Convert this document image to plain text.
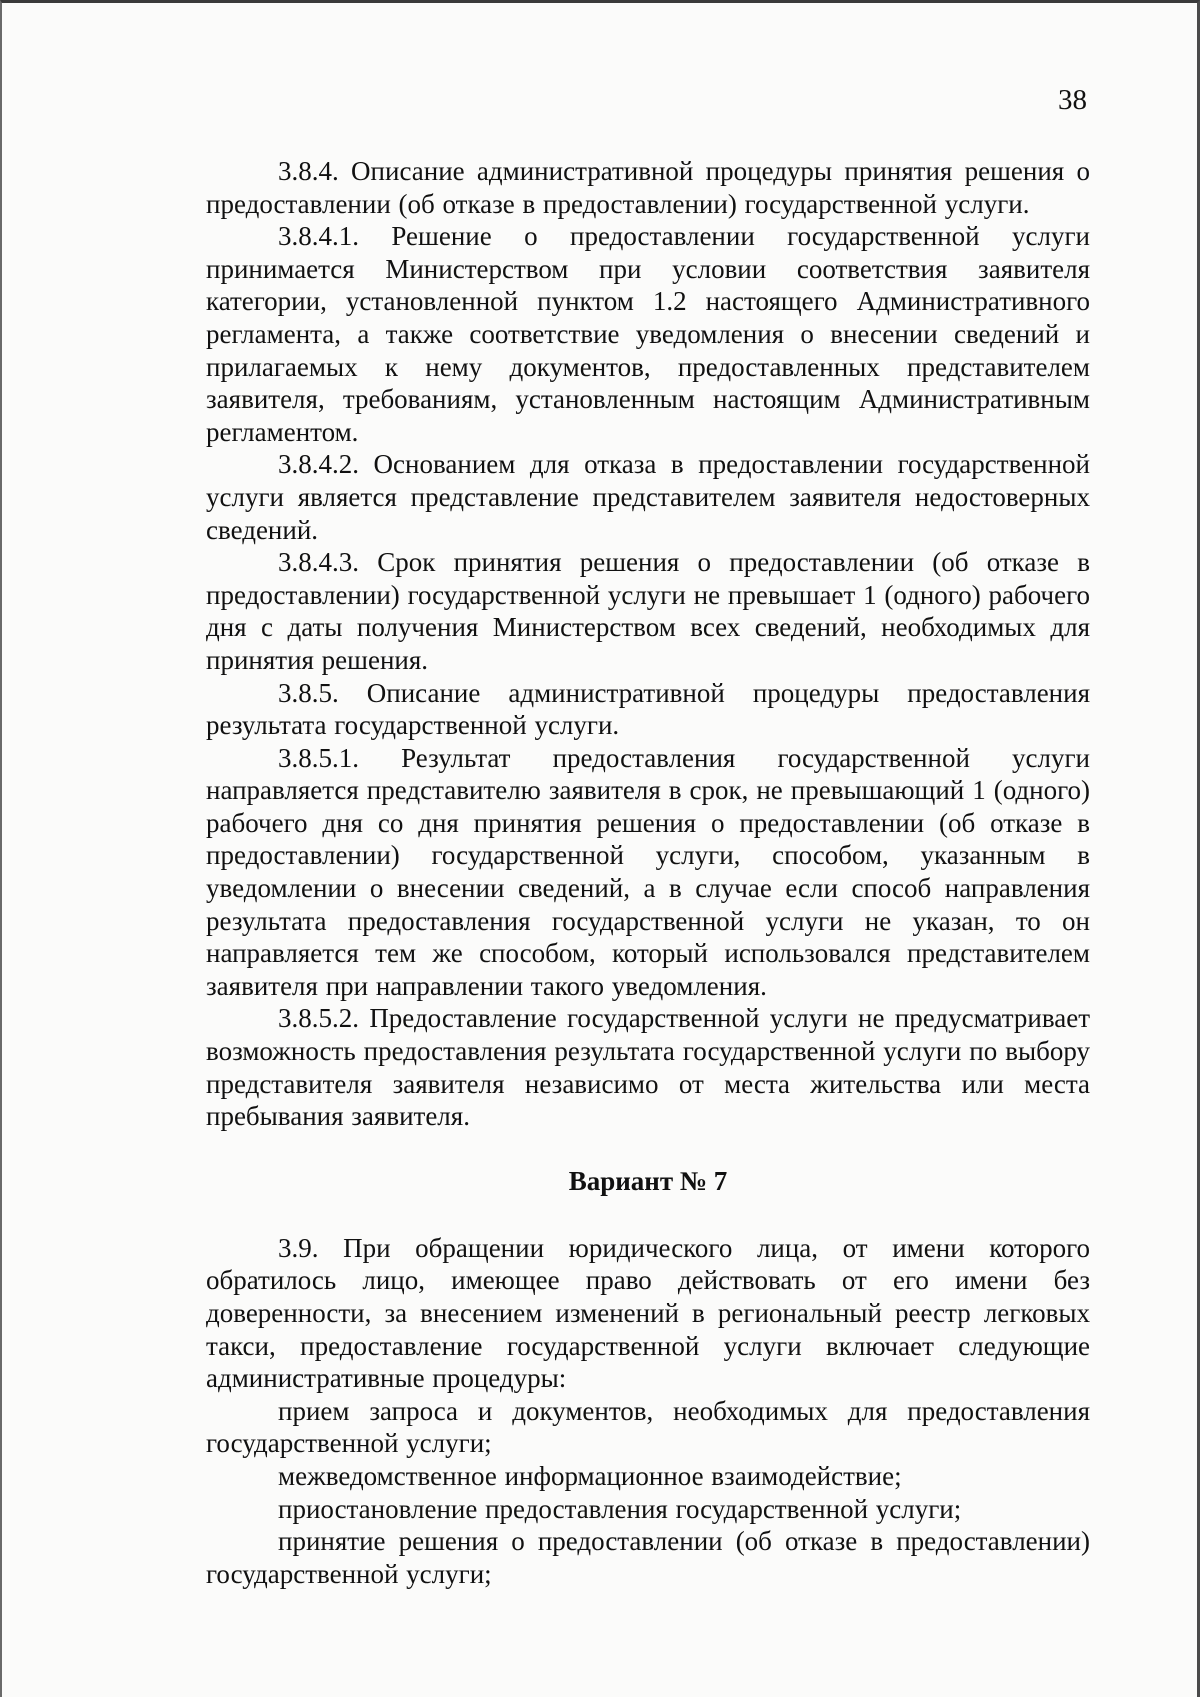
38

3.8.4. Описание административной процедуры принятия решения о предоставлении (об отказе в предоставлении) государственной услуги.

3.8.4.1. Решение о предоставлении государственной услуги принимается Министерством при условии соответствия заявителя категории, установленной пунктом 1.2 настоящего Административного регламента, а также соответствие уведомления о внесении сведений и прилагаемых к нему документов, предоставленных представителем заявителя, требованиям, установленным настоящим Административным регламентом.

3.8.4.2. Основанием для отказа в предоставлении государственной услуги является представление представителем заявителя недостоверных сведений.

3.8.4.3. Срок принятия решения о предоставлении (об отказе в предоставлении) государственной услуги не превышает 1 (одного) рабочего дня с даты получения Министерством всех сведений, необходимых для принятия решения.

3.8.5. Описание административной процедуры предоставления результата государственной услуги.

3.8.5.1. Результат предоставления государственной услуги направляется представителю заявителя в срок, не превышающий 1 (одного) рабочего дня со дня принятия решения о предоставлении (об отказе в предоставлении) государственной услуги, способом, указанным в уведомлении о внесении сведений, а в случае если способ направления результата предоставления государственной услуги не указан, то он направляется тем же способом, который использовался представителем заявителя при направлении такого уведомления.

3.8.5.2. Предоставление государственной услуги не предусматривает возможность предоставления результата государственной услуги по выбору представителя заявителя независимо от места жительства или места пребывания заявителя.

Вариант № 7

3.9. При обращении юридического лица, от имени которого обратилось лицо, имеющее право действовать от его имени без доверенности, за внесением изменений в региональный реестр легковых такси, предоставление государственной услуги включает следующие административные процедуры:

прием запроса и документов, необходимых для предоставления государственной услуги;

межведомственное информационное взаимодействие;

приостановление предоставления государственной услуги;

принятие решения о предоставлении (об отказе в предоставлении) государственной услуги;
